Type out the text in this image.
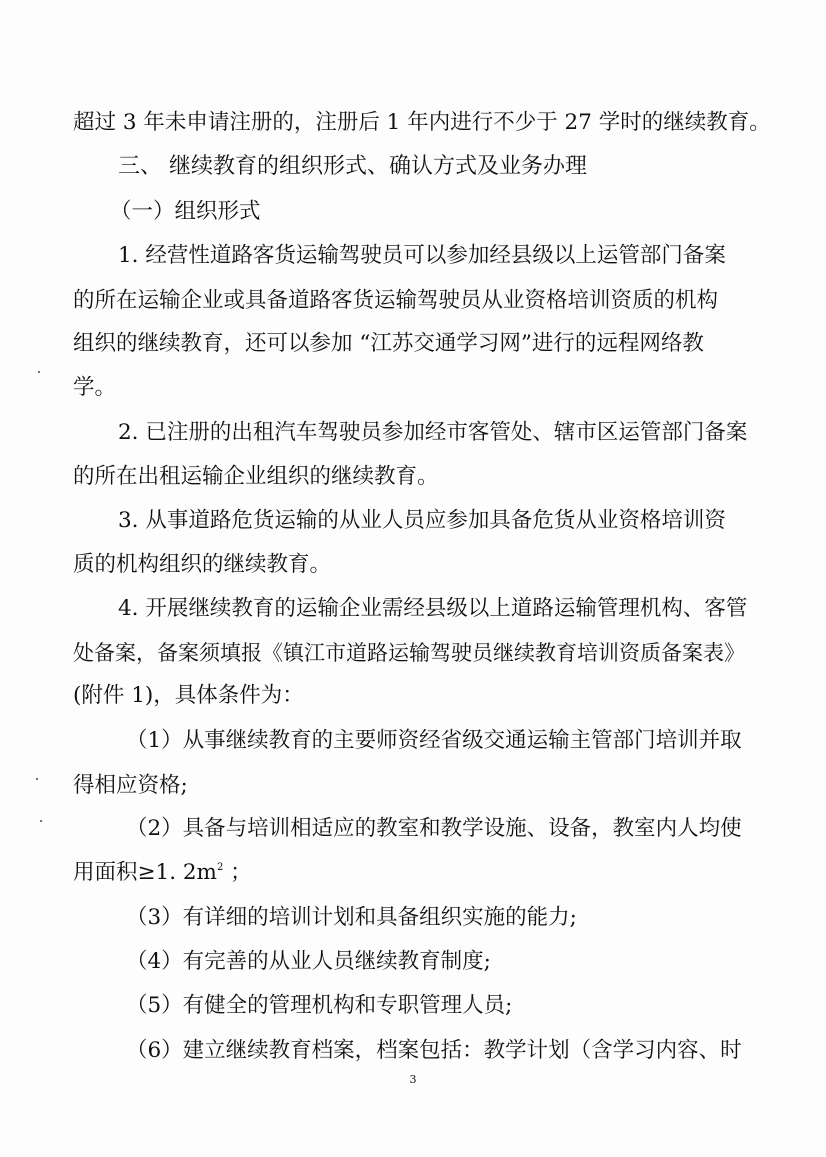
超过 3 年未申请注册的，注册后 1 年内进行不少于 27 学时的继续教育。
三、 继续教育的组织形式、确认方式及业务办理
（一）组织形式
1. 经营性道路客货运输驾驶员可以参加经县级以上运管部门备案
的所在运输企业或具备道路客货运输驾驶员从业资格培训资质的机构
组织的继续教育，还可以参加 “江苏交通学习网”进行的远程网络教
学。
2. 已注册的出租汽车驾驶员参加经市客管处、辖市区运管部门备案
的所在出租运输企业组织的继续教育。
3. 从事道路危货运输的从业人员应参加具备危货从业资格培训资
质的机构组织的继续教育。
4. 开展继续教育的运输企业需经县级以上道路运输管理机构、客管
处备案，备案须填报《镇江市道路运输驾驶员继续教育培训资质备案表》
(附件 1)，具体条件为：
（1）从事继续教育的主要师资经省级交通运输主管部门培训并取
得相应资格;
（2）具备与培训相适应的教室和教学设施、设备，教室内人均使
用面积≥1. $2m^2$ ；
（3）有详细的培训计划和具备组织实施的能力;
（4）有完善的从业人员继续教育制度;
（5）有健全的管理机构和专职管理人员;
（6）建立继续教育档案，档案包括：教学计划（含学习内容、时
3
